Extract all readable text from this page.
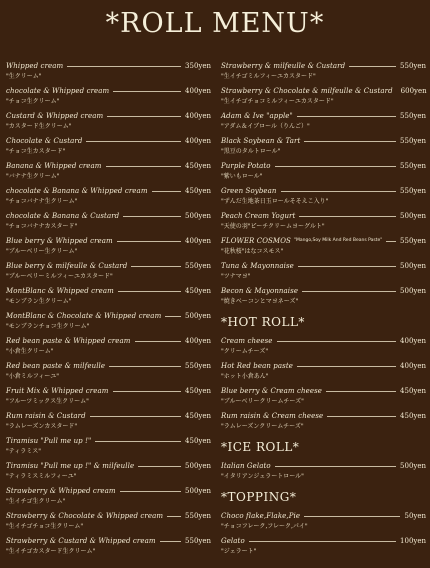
*ROLL MENU*
Whipped cream	350yen
"生クリーム"
chocolate & Whipped cream	400yen
"チョコ生クリーム"
Custard & Whipped cream	400yen
"カスタード生クリーム"
Chocolate & Custard	400yen
"チョコ生カスタード"
Banana & Whipped cream	450yen
"バナナ生クリーム"
chocolate & Banana & Whipped cream	450yen
"チョコバナナ生クリーム"
chocolate & Banana & Custard	500yen
"チョコバナナカスタード"
Blue berry & Whipped cream	400yen
"ブルーベリー生クリーム"
Blue berry & milfeulle & Custard	550yen
"ブルーベリーミルフィーユカスタード"
MontBlanc & Whipped cream	450yen
"モンブラン生クリーム"
MontBlanc & Chocolate & Whipped cream	500yen
"モンブランチョコ生クリーム"
Red bean paste & Whipped cream	400yen
"小倉生クリーム"
Red bean paste & milfeulle	550yen
"小倉ミルフィーユ"
Fruit Mix & Whipped cream	450yen
"フルーツミックス生クリーム"
Rum raisin & Custard	450yen
"ラムレーズンカスタード"
Tiramisu "Pull me up !"	450yen
"ティラミス"
Tiramisu "Pull me up !" & milfeulle	500yen
"ティラミスミルフィーユ"
Strawberry & Whipped cream	500yen
"生イチゴ生クリーム"
Strawberry & Chocolate & Whipped cream	550yen
"生イチゴチョコ生クリーム"
Strawberry & Custard & Whipped cream	550yen
"生イチゴカスタード生クリーム"
Strawberry & milfeulle & Custard	550yen
"生イチゴミルフィーユカスタード"
Strawberry & Chocolate & milfeulle & Custard 600yen
"生イチゴチョコミルフィーユカスタード"
Adam & Ive "apple"	550yen
"アダム＆イブロール（りんご）"
Black Soybean & Tart	550yen
"黒豆のタルトロール"
Purple Potato	550yen
"紫いもロール"
Green Soybean	550yen
"ずんだ生地茶日玉ロールそそえこ入り"
Peach Cream Yogurt	500yen
"天使の羽"ピーチクリームヨーグルト"
FLOWER COSMOS "Mango,Soy Milk And Red Beans Paste"	550yen
"花秋桜"はなコスモス"
Tuna & Mayonnaise	500yen
"ツナマヨ"
Becon & Mayonnaise	500yen
"焼きベーコンとマヨネーズ"
*HOT ROLL*
Cream cheese	400yen
"クリームチーズ"
Hot Red bean paste	400yen
"ホット小倉あん"
Blue berry & Cream cheese	450yen
"ブルーベリークリームチーズ"
Rum raisin & Cream cheese	450yen
"ラムレーズンクリームチーズ"
*ICE ROLL*
Italian Gelato	500yen
"イタリアンジェラートロール"
*TOPPING*
Choco flake,Flake,Pie	50yen
"チョコフレーク,フレーク,パイ"
Gelato	100yen
"ジェラート"
